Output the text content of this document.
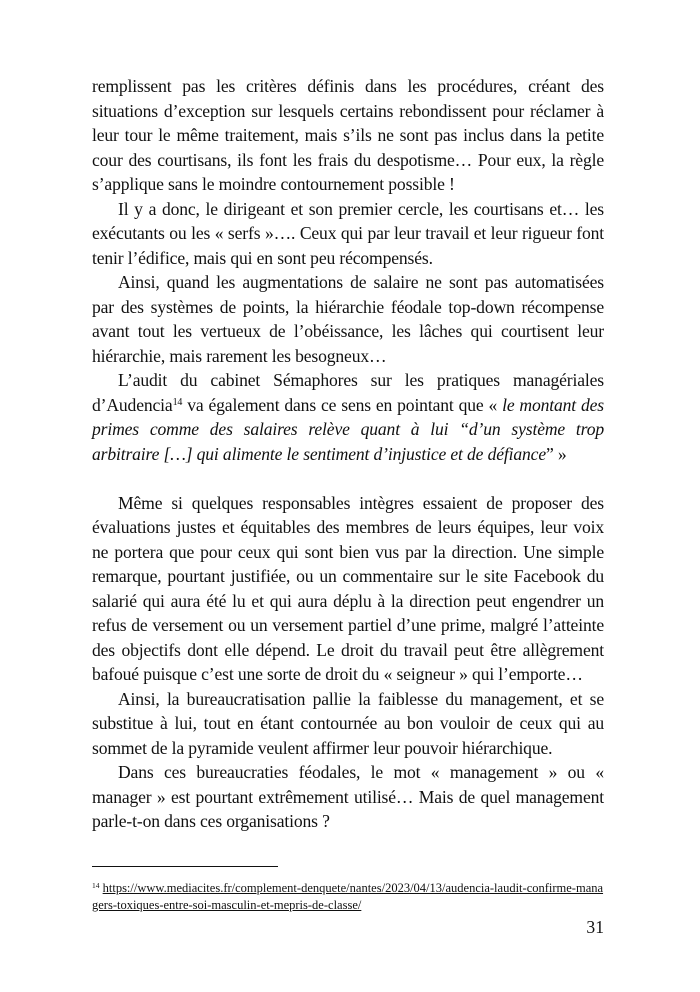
remplissent pas les critères définis dans les procédures, créant des situations d’exception sur lesquels certains rebondissent pour réclamer à leur tour le même traitement, mais s’ils ne sont pas inclus dans la petite cour des courtisans, ils font les frais du despotisme… Pour eux, la règle s’applique sans le moindre contournement possible !

Il y a donc, le dirigeant et son premier cercle, les courtisans et… les exécutants ou les « serfs »…. Ceux qui par leur travail et leur rigueur font tenir l’édifice, mais qui en sont peu récompensés.

Ainsi, quand les augmentations de salaire ne sont pas automatisées par des systèmes de points, la hiérarchie féodale top-down récompense avant tout les vertueux de l’obéissance, les lâches qui courtisent leur hiérarchie, mais rarement les besogneux…

L’audit du cabinet Sémaphores sur les pratiques managériales d’Audencia$^{14}$ va également dans ce sens en pointant que « le montant des primes comme des salaires relève quant à lui “d’un système trop arbitraire […] qui alimente le sentiment d’injustice et de défiance” »

Même si quelques responsables intègres essaient de proposer des évaluations justes et équitables des membres de leurs équipes, leur voix ne portera que pour ceux qui sont bien vus par la direction. Une simple remarque, pourtant justifiée, ou un commentaire sur le site Facebook du salarié qui aura été lu et qui aura déplu à la direction peut engendrer un refus de versement ou un versement partiel d’une prime, malgré l’atteinte des objectifs dont elle dépend. Le droit du travail peut être allègrement bafoué puisque c’est une sorte de droit du « seigneur » qui l’emporte…

Ainsi, la bureaucratisation pallie la faiblesse du management, et se substitue à lui, tout en étant contournée au bon vouloir de ceux qui au sommet de la pyramide veulent affirmer leur pouvoir hiérarchique.

Dans ces bureaucraties féodales, le mot « management » ou « manager » est pourtant extrêmement utilisé… Mais de quel management parle-t-on dans ces organisations ?

$^{14}$ https://www.mediacites.fr/complement-denquete/nantes/2023/04/13/audencia-laudit-confirme-managers-toxiques-entre-soi-masculin-et-mepris-de-classe/
31
